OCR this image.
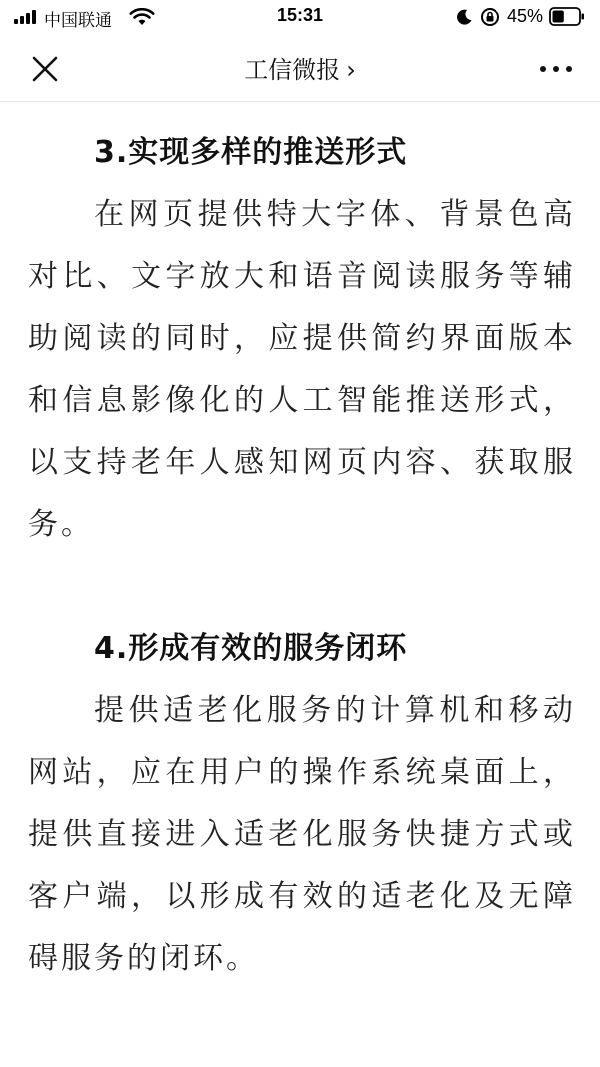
中国联通	15:31	45%
工信微报 ›
3.实现多样的推送形式

在网页提供特大字体、背景色高对比、文字放大和语音阅读服务等辅助阅读的同时，应提供简约界面版本和信息影像化的人工智能推送形式，以支持老年人感知网页内容、获取服务。

4.形成有效的服务闭环

提供适老化服务的计算机和移动网站，应在用户的操作系统桌面上，提供直接进入适老化服务快捷方式或客户端，以形成有效的适老化及无障碍服务的闭环。
